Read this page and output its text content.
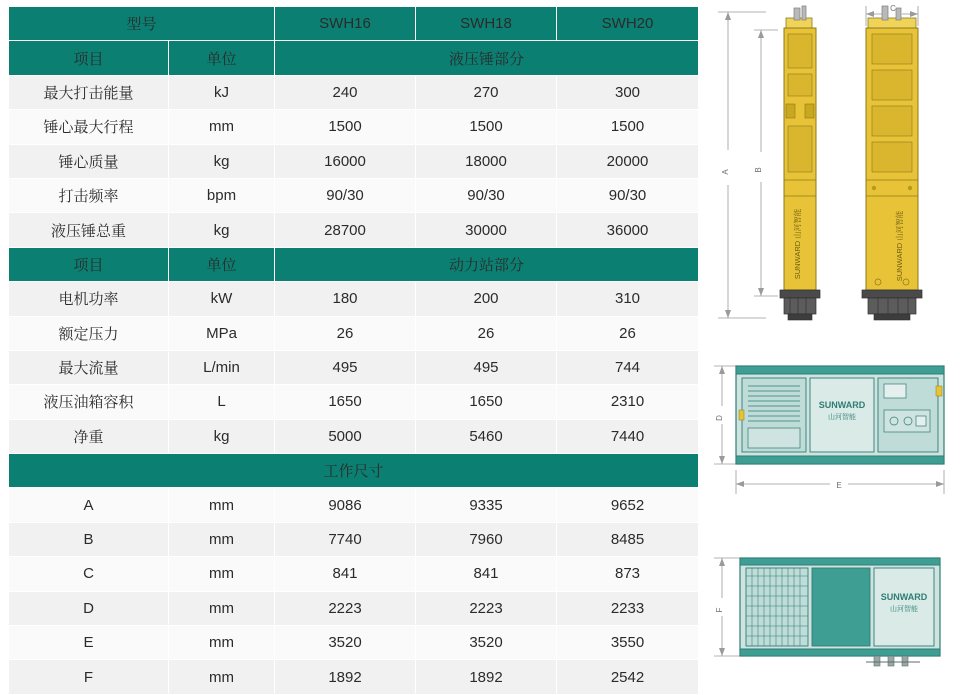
型号		SWH16	SWH18	SWH20
项目	单位	液压锤部分		
最大打击能量	kJ	240	270	300
锤心最大行程	mm	1500	1500	1500
锤心质量	kg	16000	18000	20000
打击频率	bpm	90/30	90/30	90/30
液压锤总重	kg	28700	30000	36000
项目	单位	动力站部分		
电机功率	kW	180	200	310
额定压力	MPa	26	26	26
最大流量	L/min	495	495	744
液压油箱容积	L	1650	1650	2310
净重	kg	5000	5460	7440
工作尺寸				
A	mm	9086	9335	9652
B	mm	7740	7960	8485
C	mm	841	841	873
D	mm	2223	2223	2233
E	mm	3520	3520	3550
F	mm	1892	1892	2542
A	B
C
SUNWARD 山河智能	SUNWARD 山河智能
D
E
SUNWARD
山河智能
F
SUNWARD
山河智能
